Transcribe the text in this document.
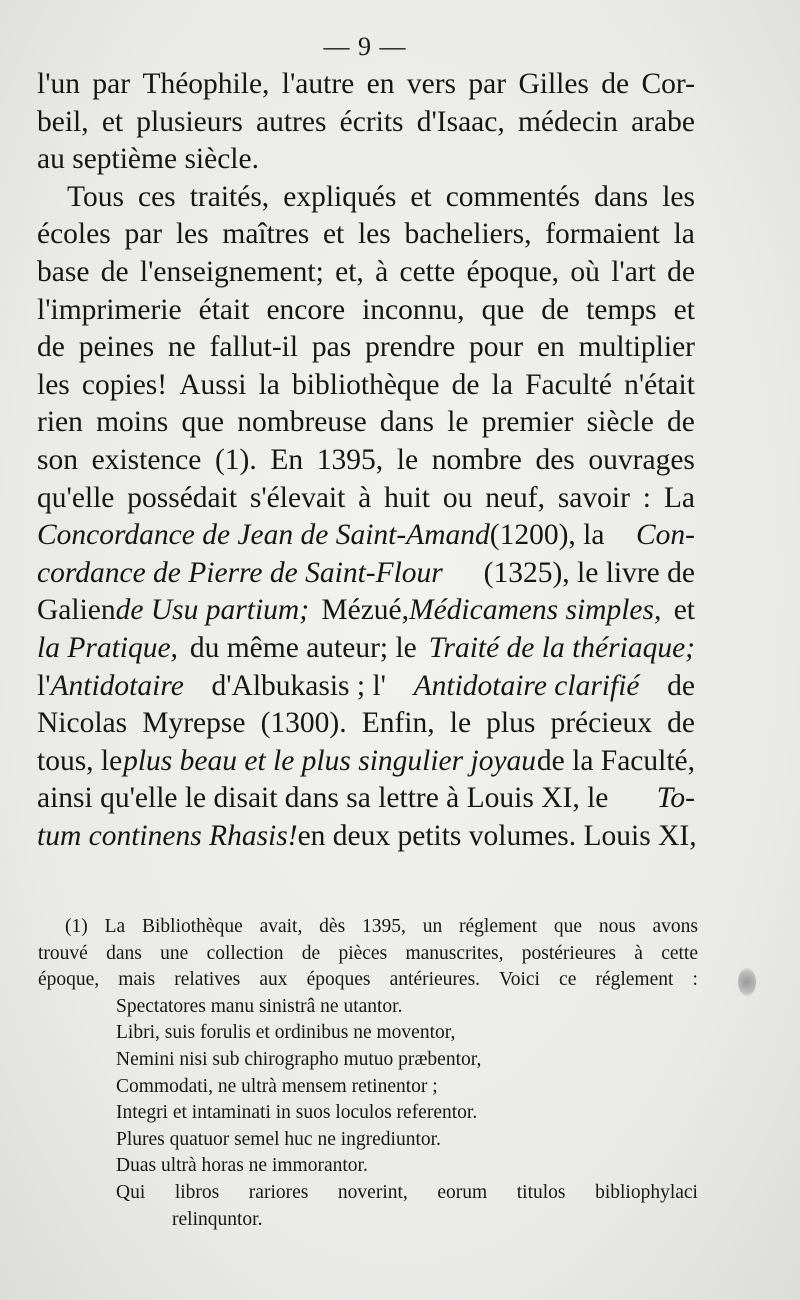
— 9 —
l'un par Théophile, l'autre en vers par Gilles de Cor-
beil, et plusieurs autres écrits d'Isaac, médecin arabe
au septième siècle.
Tous ces traités, expliqués et commentés dans les
écoles par les maîtres et les bacheliers, formaient la
base de l'enseignement; et, à cette époque, où l'art de
l'imprimerie était encore inconnu, que de temps et
de peines ne fallut-il pas prendre pour en multiplier
les copies! Aussi la bibliothèque de la Faculté n'était
rien moins que nombreuse dans le premier siècle de
son existence (1). En 1395, le nombre des ouvrages
qu'elle possédait s'élevait à huit ou neuf, savoir : La
Concordance de Jean de Saint-Amand(1200), la Con-
cordance de Pierre de Saint-Flour (1325), le livre de
Galiende Usu partium; Mézué,Médicamens simples, et
la Pratique, du même auteur; le Traité de la thériaque;
l'Antidotaire d'Albukasis ; l' Antidotaire clarifié de
Nicolas Myrepse (1300). Enfin, le plus précieux de
tous, le plus beau et le plus singulier joyau de la Faculté,
ainsi qu'elle le disait dans sa lettre à Louis XI, le To-
tum continens Rhasis! en deux petits volumes. Louis XI,
(1) La Bibliothèque avait, dès 1395, un réglement que nous avons
trouvé dans une collection de pièces manuscrites, postérieures à cette
époque, mais relatives aux époques antérieures. Voici ce réglement :
Spectatores manu sinistrâ ne utantor.
Libri, suis forulis et ordinibus ne moventor,
Nemini nisi sub chirographo mutuo præbentor,
Commodati, ne ultrà mensem retinentor ;
Integri et intaminati in suos loculos referentor.
Plures quatuor semel huc ne ingrediuntor.
Duas ultrà horas ne immorantor.
Qui libros rariores noverint, eorum titulos bibliophylaci
relinquntor.
